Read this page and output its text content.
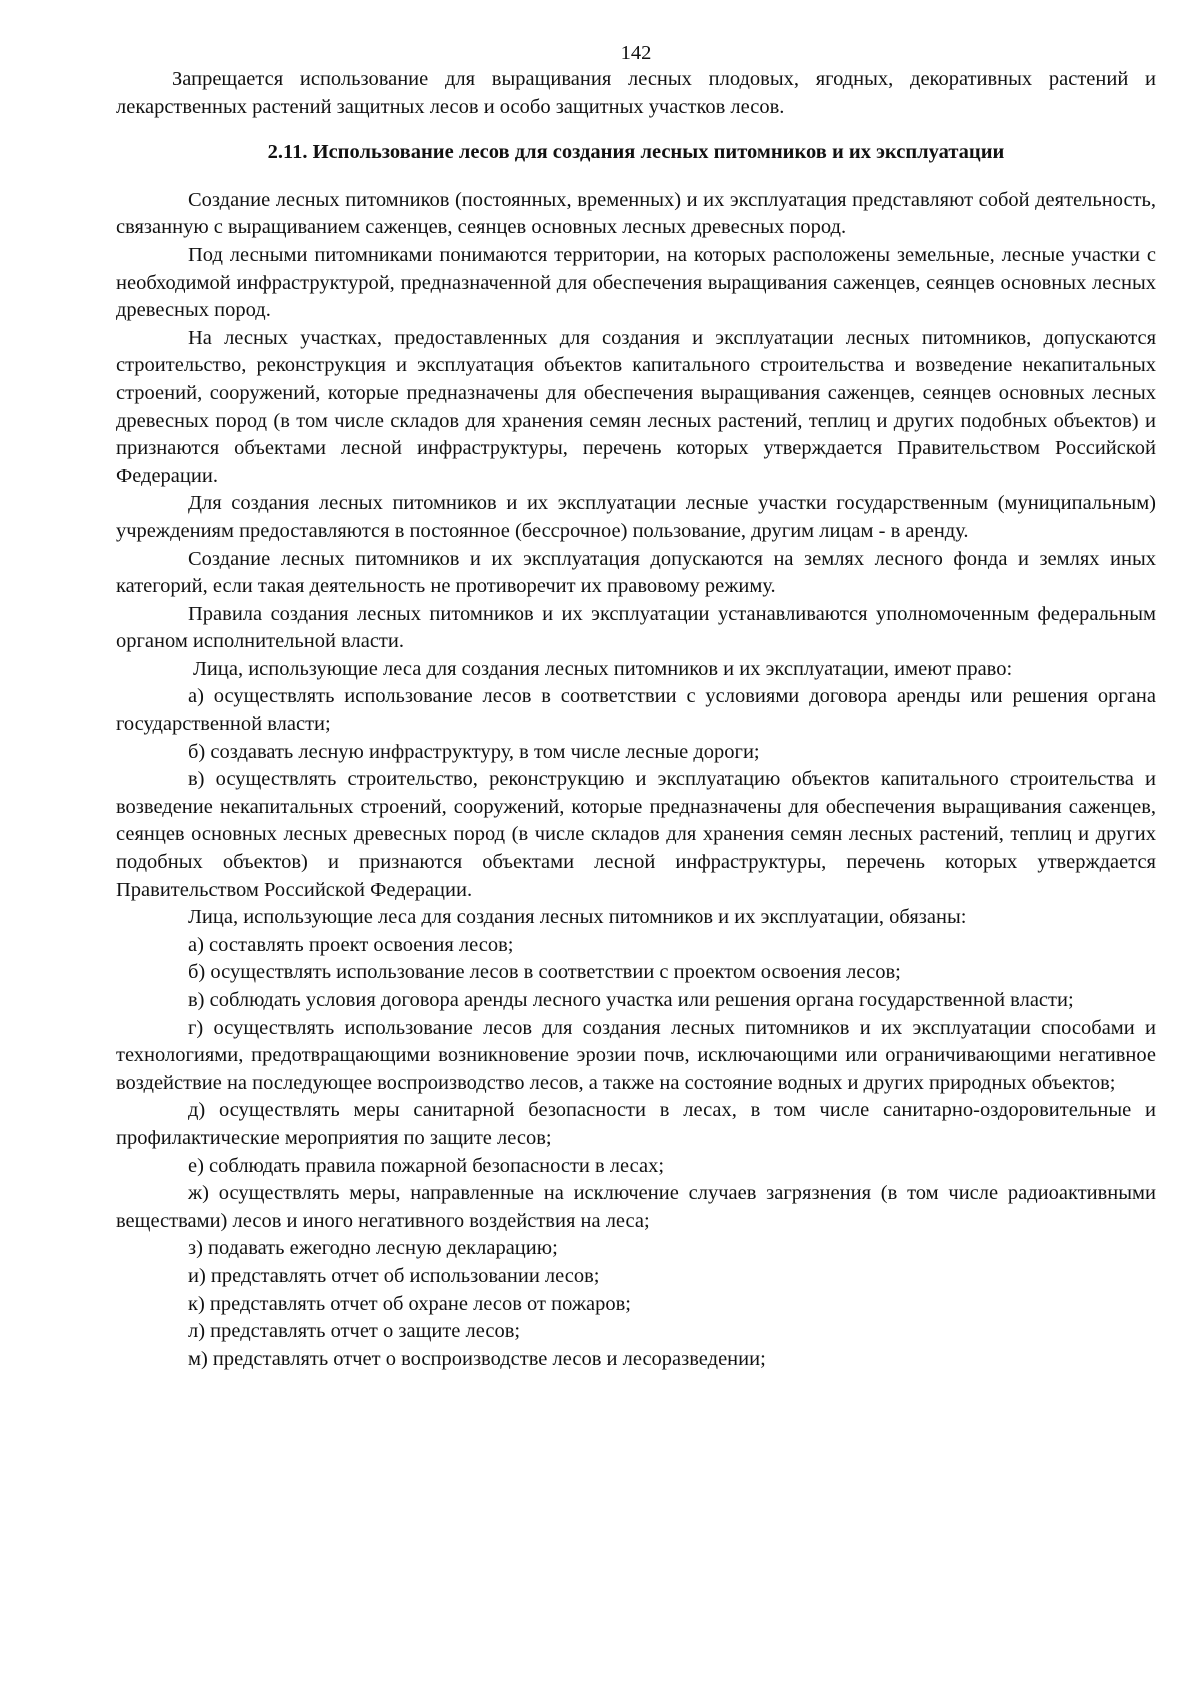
142

Запрещается использование для выращивания лесных плодовых, ягодных, декоративных растений и лекарственных растений защитных лесов и особо защитных участков лесов.

2.11. Использование лесов для создания лесных питомников и их эксплуатации

Создание лесных питомников (постоянных, временных) и их эксплуатация представляют собой деятельность, связанную с выращиванием саженцев, сеянцев основных лесных древесных пород.

Под лесными питомниками понимаются территории, на которых расположены земельные, лесные участки с необходимой инфраструктурой, предназначенной для обеспечения выращивания саженцев, сеянцев основных лесных древесных пород.

На лесных участках, предоставленных для создания и эксплуатации лесных питомников, допускаются строительство, реконструкция и эксплуатация объектов капитального строительства и возведение некапитальных строений, сооружений, которые предназначены для обеспечения выращивания саженцев, сеянцев основных лесных древесных пород (в том числе складов для хранения семян лесных растений, теплиц и других подобных объектов) и признаются объектами лесной инфраструктуры, перечень которых утверждается Правительством Российской Федерации.

Для создания лесных питомников и их эксплуатации лесные участки государственным (муниципальным) учреждениям предоставляются в постоянное (бессрочное) пользование, другим лицам - в аренду.

Создание лесных питомников и их эксплуатация допускаются на землях лесного фонда и землях иных категорий, если такая деятельность не противоречит их правовому режиму.

Правила создания лесных питомников и их эксплуатации устанавливаются уполномоченным федеральным органом исполнительной власти.

Лица, использующие леса для создания лесных питомников и их эксплуатации, имеют право:

а) осуществлять использование лесов в соответствии с условиями договора аренды или решения органа государственной власти;

б) создавать лесную инфраструктуру, в том числе лесные дороги;

в) осуществлять строительство, реконструкцию и эксплуатацию объектов капитального строительства и возведение некапитальных строений, сооружений, которые предназначены для обеспечения выращивания саженцев, сеянцев основных лесных древесных пород (в числе складов для хранения семян лесных растений, теплиц и других подобных объектов) и признаются объектами лесной инфраструктуры, перечень которых утверждается Правительством Российской Федерации.

Лица, использующие леса для создания лесных питомников и их эксплуатации, обязаны:

а) составлять проект освоения лесов;

б) осуществлять использование лесов в соответствии с проектом освоения лесов;

в) соблюдать условия договора аренды лесного участка или решения органа государственной власти;

г) осуществлять использование лесов для создания лесных питомников и их эксплуатации способами и технологиями, предотвращающими возникновение эрозии почв, исключающими или ограничивающими негативное воздействие на последующее воспроизводство лесов, а также на состояние водных и других природных объектов;

д) осуществлять меры санитарной безопасности в лесах, в том числе санитарно-оздоровительные и профилактические мероприятия по защите лесов;

е) соблюдать правила пожарной безопасности в лесах;

ж) осуществлять меры, направленные на исключение случаев загрязнения (в том числе радиоактивными веществами) лесов и иного негативного воздействия на леса;

з) подавать ежегодно лесную декларацию;

и) представлять отчет об использовании лесов;

к) представлять отчет об охране лесов от пожаров;

л) представлять отчет о защите лесов;

м) представлять отчет о воспроизводстве лесов и лесоразведении;
